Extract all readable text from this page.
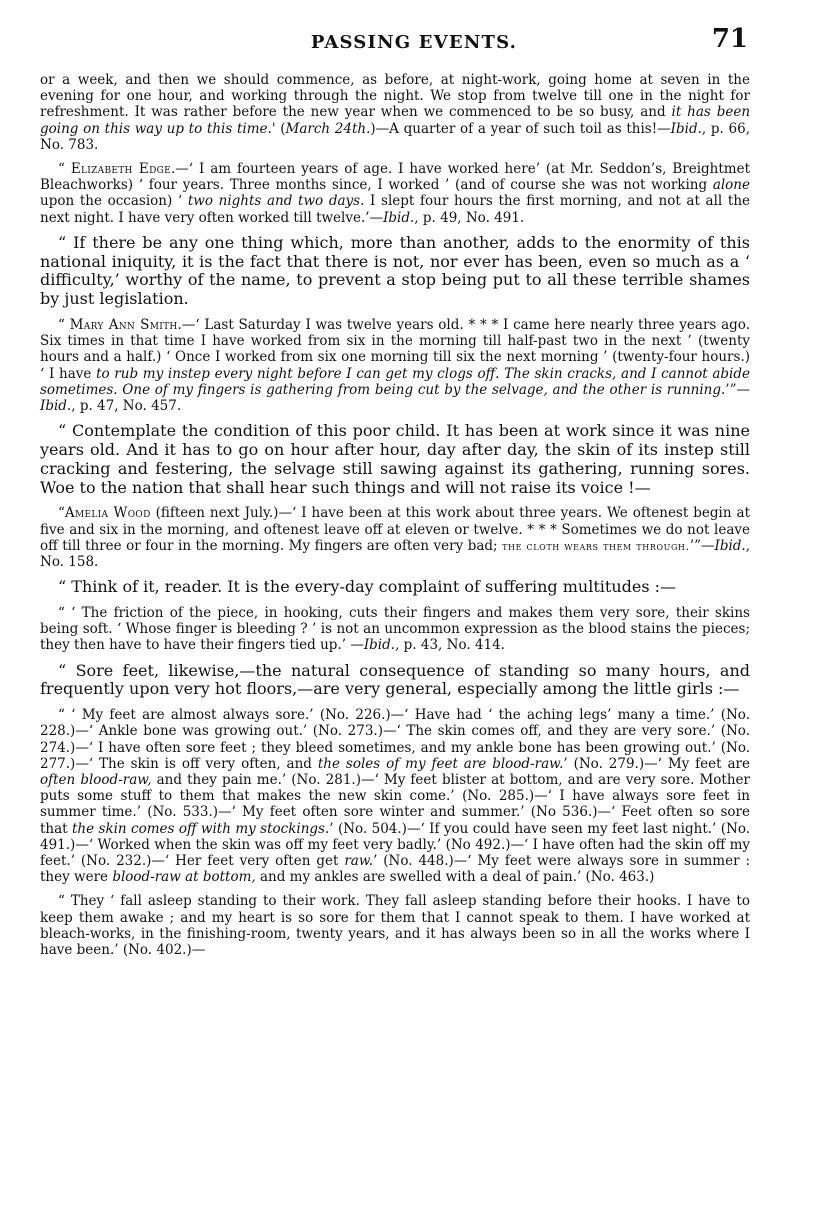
PASSING EVENTS.	71

or a week, and then we should commence, as before, at night-work, going home at seven in the evening for one hour, and working through the night. We stop from twelve till one in the night for refreshment. It was rather before the new year when we commenced to be so busy, and it has been going on this way up to this time.' (March 24th.)—A quarter of a year of such toil as this!—Ibid., p. 66, No. 783.

“ Elizabeth Edge.—‘ I am fourteen years of age. I have worked here’ (at Mr. Seddon’s, Breightmet Bleachworks) ‘ four years. Three months since, I worked ’ (and of course she was not working alone upon the occasion) ‘ two nights and two days. I slept four hours the first morning, and not at all the next night. I have very often worked till twelve.’—Ibid., p. 49, No. 491.

“ If there be any one thing which, more than another, adds to the enormity of this national iniquity, it is the fact that there is not, nor ever has been, even so much as a ‘ difficulty,’ worthy of the name, to prevent a stop being put to all these terrible shames by just legislation.

“ Mary Ann Smith.—‘ Last Saturday I was twelve years old. * * * I came here nearly three years ago. Six times in that time I have worked from six in the morning till half-past two in the next ’ (twenty hours and a half.) ‘ Once I worked from six one morning till six the next morning ’ (twenty-four hours.) ‘ I have to rub my instep every night before I can get my clogs off. The skin cracks, and I cannot abide sometimes. One of my fingers is gathering from being cut by the selvage, and the other is running.’”—Ibid., p. 47, No. 457.

“ Contemplate the condition of this poor child. It has been at work since it was nine years old. And it has to go on hour after hour, day after day, the skin of its instep still cracking and festering, the selvage still sawing against its gathering, running sores. Woe to the nation that shall hear such things and will not raise its voice !—

“Amelia Wood (fifteen next July.)—‘ I have been at this work about three years. We oftenest begin at five and six in the morning, and oftenest leave off at eleven or twelve. * * * Sometimes we do not leave off till three or four in the morning. My fingers are often very bad; the cloth wears them through.’”—Ibid., No. 158.

“ Think of it, reader. It is the every-day complaint of suffering multitudes :—

“ ‘ The friction of the piece, in hooking, cuts their fingers and makes them very sore, their skins being soft. ‘ Whose finger is bleeding ? ’ is not an uncommon expression as the blood stains the pieces; they then have to have their fingers tied up.’ —Ibid., p. 43, No. 414.

“ Sore feet, likewise,—the natural consequence of standing so many hours, and frequently upon very hot floors,—are very general, especially among the little girls :—

“ ‘ My feet are almost always sore.’ (No. 226.)—‘ Have had ‘ the aching legs’ many a time.’ (No. 228.)—‘ Ankle bone was growing out.’ (No. 273.)—‘ The skin comes off, and they are very sore.’ (No. 274.)—‘ I have often sore feet ; they bleed sometimes, and my ankle bone has been growing out.’ (No. 277.)—‘ The skin is off very often, and the soles of my feet are blood-raw.’ (No. 279.)—‘ My feet are often blood-raw, and they pain me.’ (No. 281.)—‘ My feet blister at bottom, and are very sore. Mother puts some stuff to them that makes the new skin come.’ (No. 285.)—‘ I have always sore feet in summer time.’ (No. 533.)—‘ My feet often sore winter and summer.’ (No 536.)—‘ Feet often so sore that the skin comes off with my stockings.’ (No. 504.)—‘ If you could have seen my feet last night.’ (No. 491.)—‘ Worked when the skin was off my feet very badly.’ (No 492.)—‘ I have often had the skin off my feet.’ (No. 232.)—‘ Her feet very often get raw.’ (No. 448.)—‘ My feet were always sore in summer : they were blood-raw at bottom, and my ankles are swelled with a deal of pain.’ (No. 463.)

“ They ‘ fall asleep standing to their work. They fall asleep standing before their hooks. I have to keep them awake ; and my heart is so sore for them that I cannot speak to them. I have worked at bleach-works, in the finishing-room, twenty years, and it has always been so in all the works where I have been.’ (No. 402.)—
